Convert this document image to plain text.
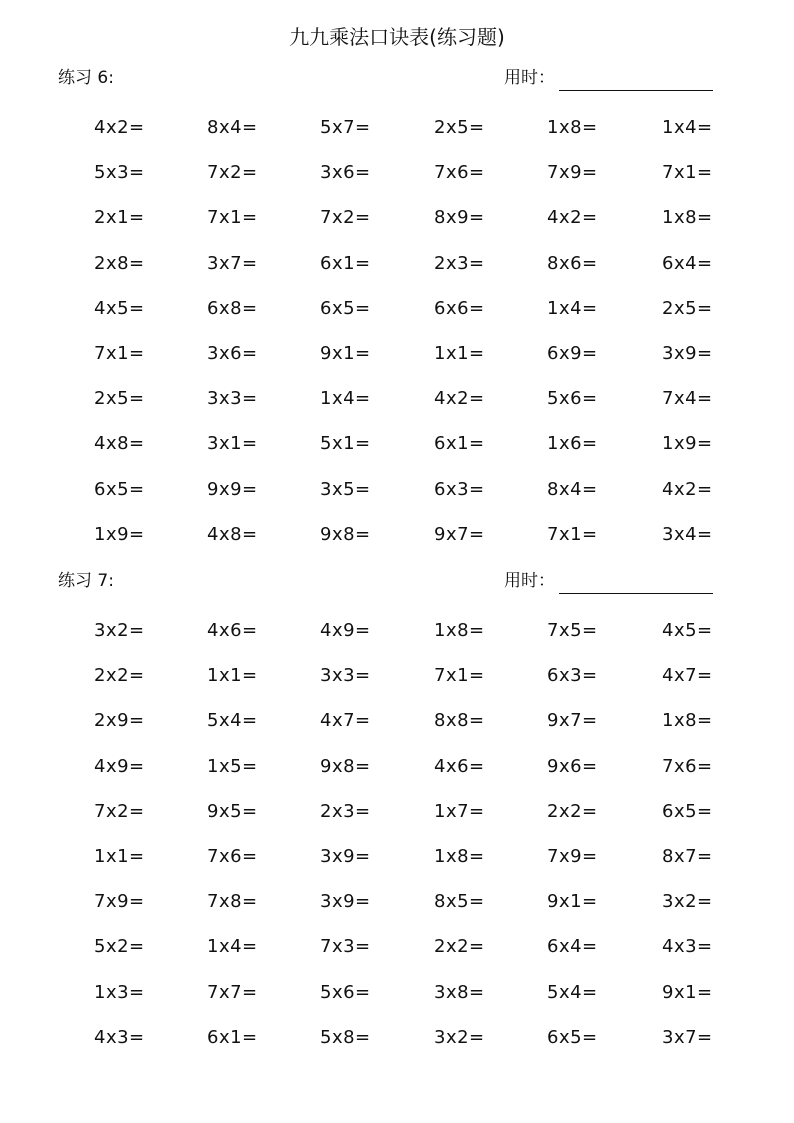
九九乘法口诀表(练习题)
练习 6:	用时：
4x2=	8x4=	5x7=	2x5=	1x8=	1x4=
5x3=	7x2=	3x6=	7x6=	7x9=	7x1=
2x1=	7x1=	7x2=	8x9=	4x2=	1x8=
2x8=	3x7=	6x1=	2x3=	8x6=	6x4=
4x5=	6x8=	6x5=	6x6=	1x4=	2x5=
7x1=	3x6=	9x1=	1x1=	6x9=	3x9=
2x5=	3x3=	1x4=	4x2=	5x6=	7x4=
4x8=	3x1=	5x1=	6x1=	1x6=	1x9=
6x5=	9x9=	3x5=	6x3=	8x4=	4x2=
1x9=	4x8=	9x8=	9x7=	7x1=	3x4=
练习 7:	用时：
3x2=	4x6=	4x9=	1x8=	7x5=	4x5=
2x2=	1x1=	3x3=	7x1=	6x3=	4x7=
2x9=	5x4=	4x7=	8x8=	9x7=	1x8=
4x9=	1x5=	9x8=	4x6=	9x6=	7x6=
7x2=	9x5=	2x3=	1x7=	2x2=	6x5=
1x1=	7x6=	3x9=	1x8=	7x9=	8x7=
7x9=	7x8=	3x9=	8x5=	9x1=	3x2=
5x2=	1x4=	7x3=	2x2=	6x4=	4x3=
1x3=	7x7=	5x6=	3x8=	5x4=	9x1=
4x3=	6x1=	5x8=	3x2=	6x5=	3x7=
